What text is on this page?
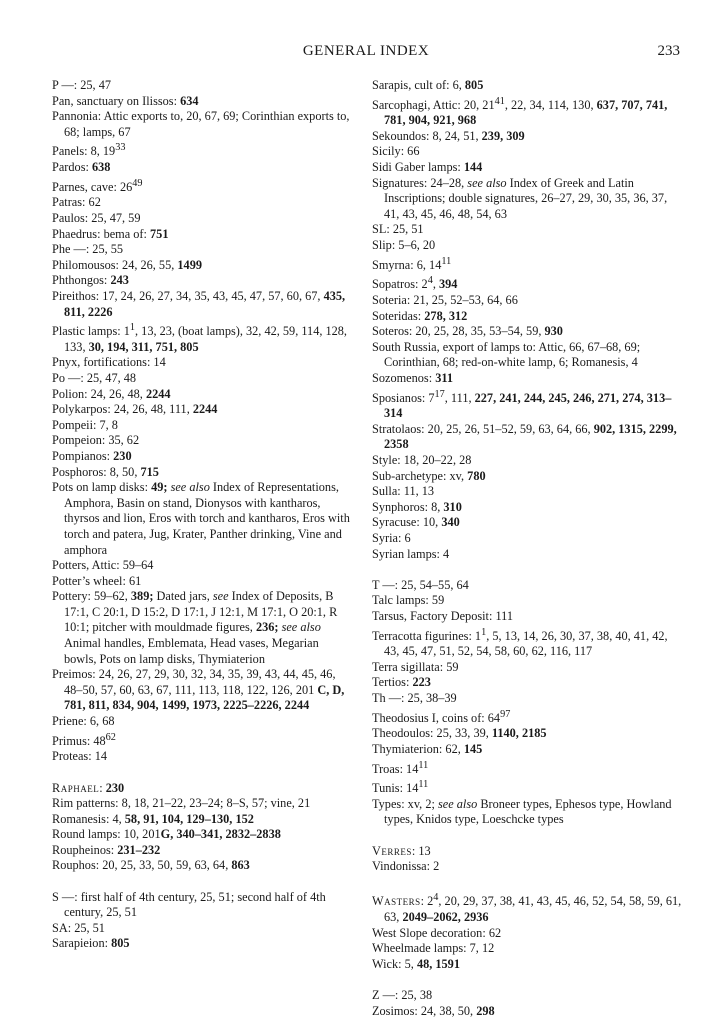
GENERAL INDEX	233
P —: 25, 47
Pan, sanctuary on Ilissos: 634
Pannonia: Attic exports to, 20, 67, 69; Corinthian exports to, 68; lamps, 67
Panels: 8, $19^{33}$
Pardos: 638
Parnes, cave: $26^{49}$
Patras: 62
Paulos: 25, 47, 59
Phaedrus: bema of: 751
Phe —: 25, 55
Philomousos: 24, 26, 55, 1499
Phthongos: 243
Pireithos: 17, 24, 26, 27, 34, 35, 43, 45, 47, 57, 60, 67, 435, 811, 2226
Plastic lamps: $1^1$, 13, 23, (boat lamps), 32, 42, 59, 114, 128, 133, 30, 194, 311, 751, 805
Pnyx, fortifications: 14
Po —: 25, 47, 48
Polion: 24, 26, 48, 2244
Polykarpos: 24, 26, 48, 111, 2244
Pompeii: 7, 8
Pompeion: 35, 62
Pompianos: 230
Posphoros: 8, 50, 715
Pots on lamp disks: 49; see also Index of Representations, Amphora, Basin on stand, Dionysos with kantharos, thyrsos and lion, Eros with torch and kantharos, Eros with torch and patera, Jug, Krater, Panther drinking, Vine and amphora
Potters, Attic: 59–64
Potter’s wheel: 61
Pottery: 59–62, 389; Dated jars, see Index of Deposits, B 17:1, C 20:1, D 15:2, D 17:1, J 12:1, M 17:1, O 20:1, R 10:1; pitcher with mouldmade figures, 236; see also Animal handles, Emblemata, Head vases, Megarian bowls, Pots on lamp disks, Thymiaterion
Preimos: 24, 26, 27, 29, 30, 32, 34, 35, 39, 43, 44, 45, 46, 48–50, 57, 60, 63, 67, 111, 113, 118, 122, 126, 201 C, D, 781, 811, 834, 904, 1499, 1973, 2225–2226, 2244
Priene: 6, 68
Primus: $48^{62}$
Proteas: 14
Raphael: 230
Rim patterns: 8, 18, 21–22, 23–24; 8–S, 57; vine, 21
Romanesis: 4, 58, 91, 104, 129–130, 152
Round lamps: 10, 201G, 340–341, 2832–2838
Roupheinos: 231–232
Rouphos: 20, 25, 33, 50, 59, 63, 64, 863
S —: first half of 4th century, 25, 51; second half of 4th century, 25, 51
SA: 25, 51
Sarapieion: 805
Sarapis, cult of: 6, 805
Sarcophagi, Attic: 20, $21^{41}$, 22, 34, 114, 130, 637, 707, 741, 781, 904, 921, 968
Sekoundos: 8, 24, 51, 239, 309
Sicily: 66
Sidi Gaber lamps: 144
Signatures: 24–28, see also Index of Greek and Latin Inscriptions; double signatures, 26–27, 29, 30, 35, 36, 37, 41, 43, 45, 46, 48, 54, 63
SL: 25, 51
Slip: 5–6, 20
Smyrna: 6, $14^{11}$
Sopatros: $2^4$, 394
Soteria: 21, 25, 52–53, 64, 66
Soteridas: 278, 312
Soteros: 20, 25, 28, 35, 53–54, 59, 930
South Russia, export of lamps to: Attic, 66, 67–68, 69; Corinthian, 68; red-on-white lamp, 6; Romanesis, 4
Sozomenos: 311
Sposianos: $7^{17}$, 111, 227, 241, 244, 245, 246, 271, 274, 313–314
Stratolaos: 20, 25, 26, 51–52, 59, 63, 64, 66, 902, 1315, 2299, 2358
Style: 18, 20–22, 28
Sub-archetype: xv, 780
Sulla: 11, 13
Synphoros: 8, 310
Syracuse: 10, 340
Syria: 6
Syrian lamps: 4
T —: 25, 54–55, 64
Talc lamps: 59
Tarsus, Factory Deposit: 111
Terracotta figurines: $1^1$, 5, 13, 14, 26, 30, 37, 38, 40, 41, 42, 43, 45, 47, 51, 52, 54, 58, 60, 62, 116, 117
Terra sigillata: 59
Tertios: 223
Th —: 25, 38–39
Theodosius I, coins of: $64^{97}$
Theodoulos: 25, 33, 39, 1140, 2185
Thymiaterion: 62, 145
Troas: $14^{11}$
Tunis: $14^{11}$
Types: xv, 2; see also Broneer types, Ephesos type, Howland types, Knidos type, Loeschcke types
Verres: 13
Vindonissa: 2
Wasters: $2^4$, 20, 29, 37, 38, 41, 43, 45, 46, 52, 54, 58, 59, 61, 63, 2049–2062, 2936
West Slope decoration: 62
Wheelmade lamps: 7, 12
Wick: 5, 48, 1591
Z —: 25, 38
Zosimos: 24, 38, 50, 298
